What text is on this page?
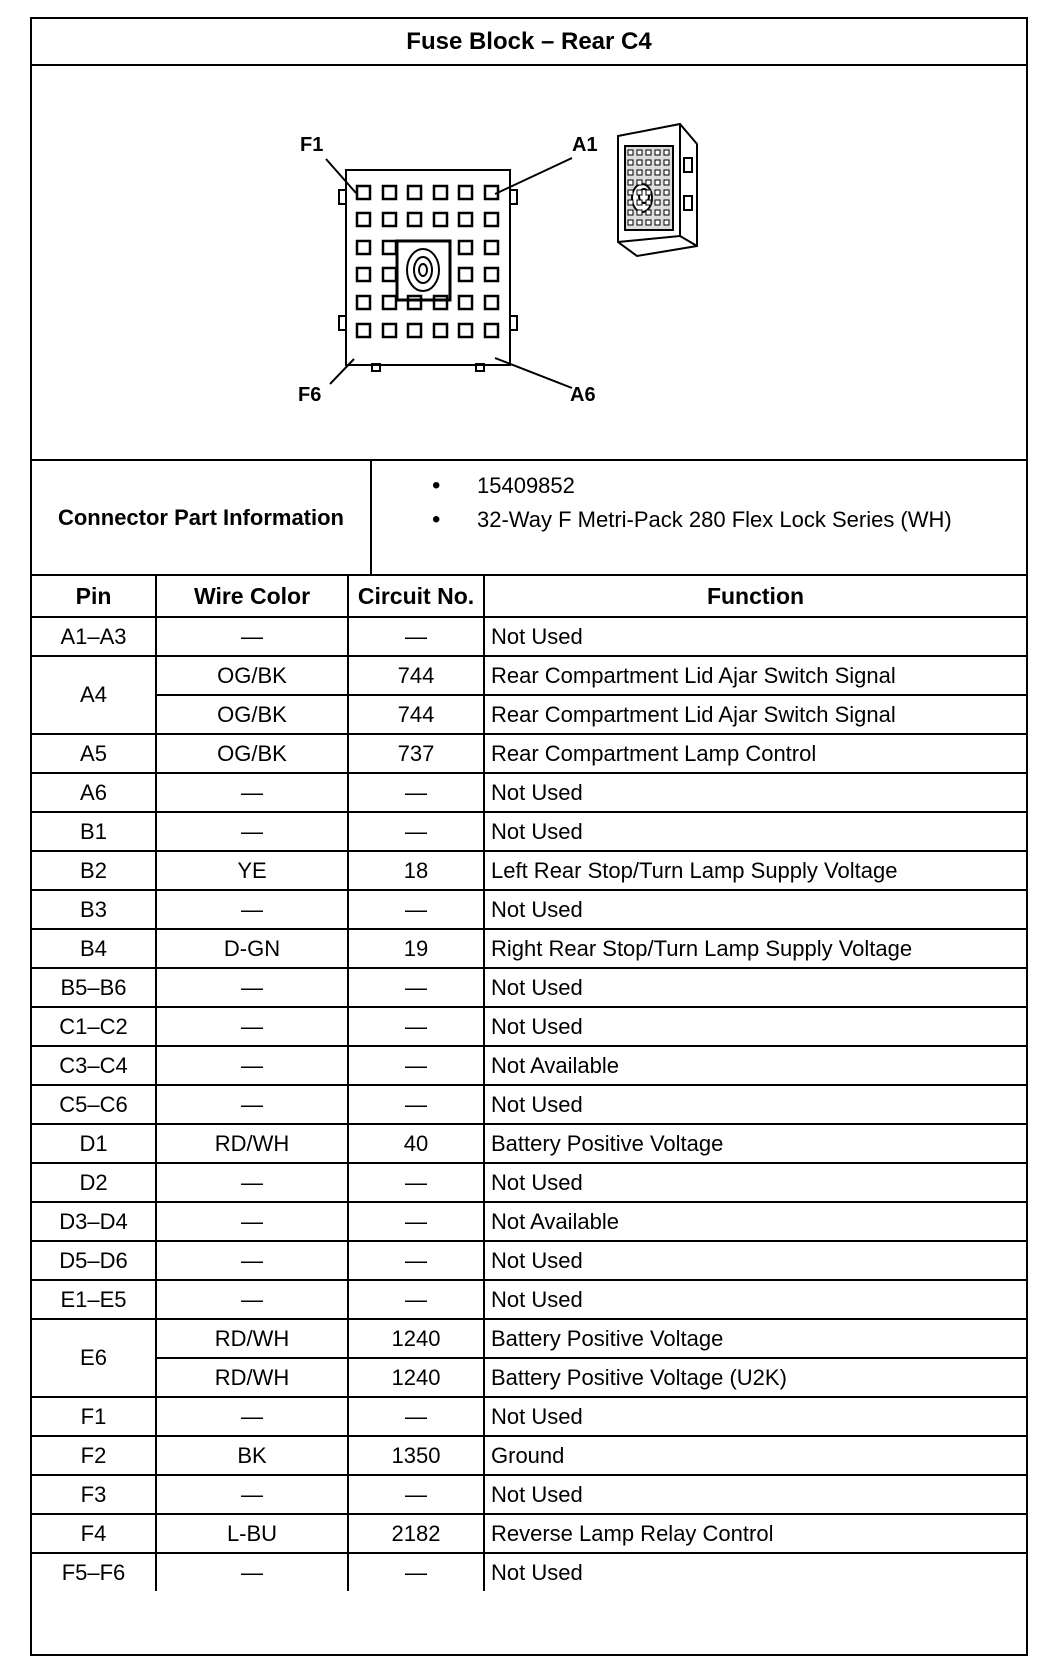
Fuse Block – Rear C4
F1	A1
F6	A6
Connector Part Information
• 15409852
• 32-Way F Metri-Pack 280 Flex Lock Series (WH)
Pin	Wire Color	Circuit No.	Function
A1–A3	—	—	Not Used
A4	OG/BK	744	Rear Compartment Lid Ajar Switch Signal
	OG/BK	744	Rear Compartment Lid Ajar Switch Signal
A5	OG/BK	737	Rear Compartment Lamp Control
A6	—	—	Not Used
B1	—	—	Not Used
B2	YE	18	Left Rear Stop/Turn Lamp Supply Voltage
B3	—	—	Not Used
B4	D-GN	19	Right Rear Stop/Turn Lamp Supply Voltage
B5–B6	—	—	Not Used
C1–C2	—	—	Not Used
C3–C4	—	—	Not Available
C5–C6	—	—	Not Used
D1	RD/WH	40	Battery Positive Voltage
D2	—	—	Not Used
D3–D4	—	—	Not Available
D5–D6	—	—	Not Used
E1–E5	—	—	Not Used
E6	RD/WH	1240	Battery Positive Voltage
	RD/WH	1240	Battery Positive Voltage (U2K)
F1	—	—	Not Used
F2	BK	1350	Ground
F3	—	—	Not Used
F4	L-BU	2182	Reverse Lamp Relay Control
F5–F6	—	—	Not Used
